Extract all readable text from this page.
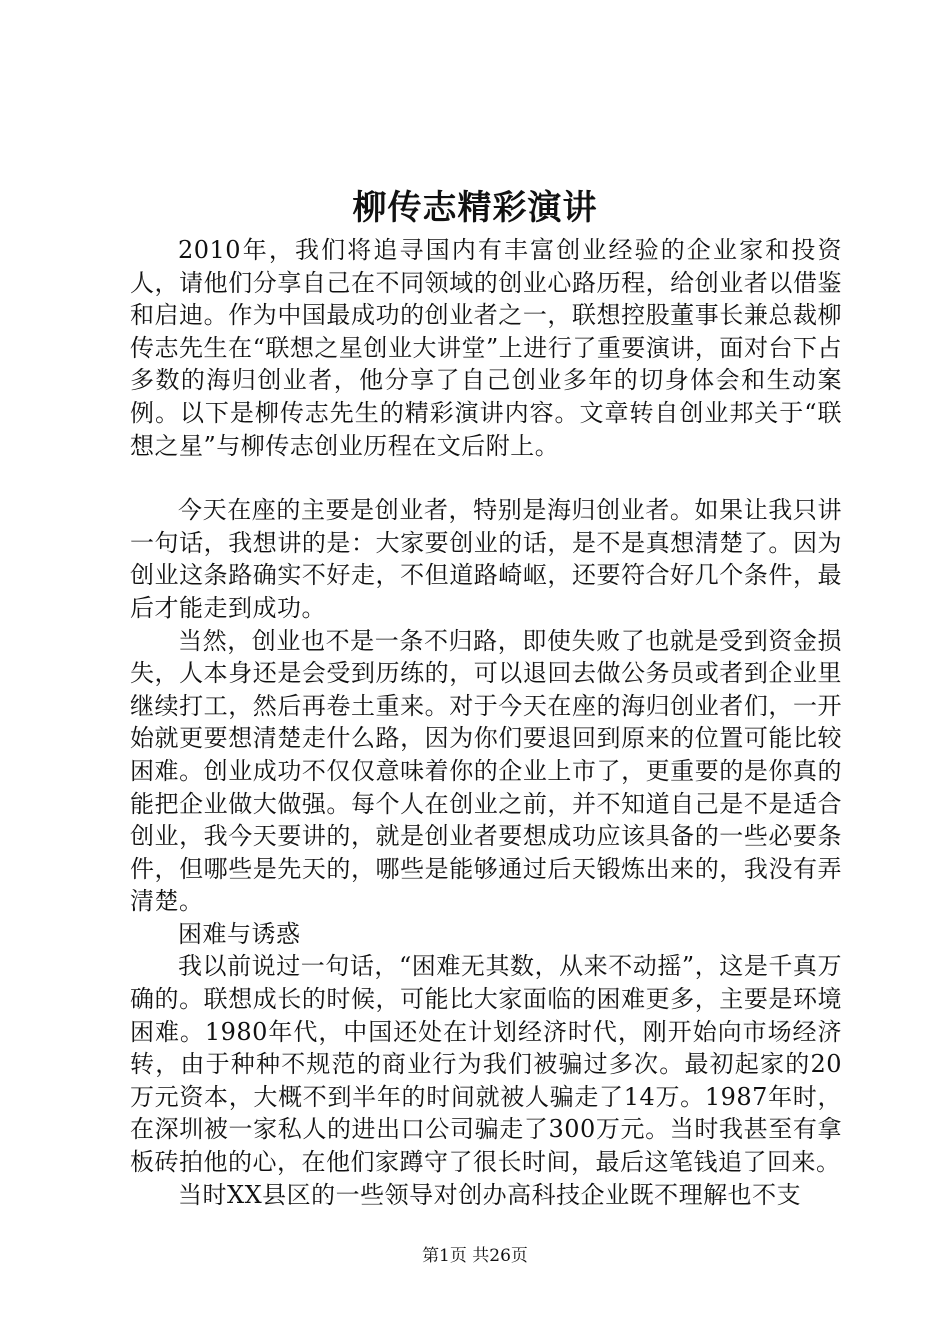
柳传志精彩演讲

2010年，我们将追寻国内有丰富创业经验的企业家和投资人，请他们分享自己在不同领域的创业心路历程，给创业者以借鉴和启迪。作为中国最成功的创业者之一，联想控股董事长兼总裁柳传志先生在“联想之星创业大讲堂”上进行了重要演讲，面对台下占多数的海归创业者，他分享了自己创业多年的切身体会和生动案例。以下是柳传志先生的精彩演讲内容。文章转自创业邦关于“联想之星”与柳传志创业历程在文后附上。

今天在座的主要是创业者，特别是海归创业者。如果让我只讲一句话，我想讲的是：大家要创业的话，是不是真想清楚了。因为创业这条路确实不好走，不但道路崎岖，还要符合好几个条件，最后才能走到成功。

当然，创业也不是一条不归路，即使失败了也就是受到资金损失，人本身还是会受到历练的，可以退回去做公务员或者到企业里继续打工，然后再卷土重来。对于今天在座的海归创业者们，一开始就更要想清楚走什么路，因为你们要退回到原来的位置可能比较困难。创业成功不仅仅意味着你的企业上市了，更重要的是你真的能把企业做大做强。每个人在创业之前，并不知道自己是不是适合创业，我今天要讲的，就是创业者要想成功应该具备的一些必要条件，但哪些是先天的，哪些是能够通过后天锻炼出来的，我没有弄清楚。

困难与诱惑

我以前说过一句话，“困难无其数，从来不动摇”，这是千真万确的。联想成长的时候，可能比大家面临的困难更多，主要是环境困难。1980年代，中国还处在计划经济时代，刚开始向市场经济转，由于种种不规范的商业行为我们被骗过多次。最初起家的20万元资本，大概不到半年的时间就被人骗走了14万。1987年时，在深圳被一家私人的进出口公司骗走了300万元。当时我甚至有拿板砖拍他的心，在他们家蹲守了很长时间，最后这笔钱追了回来。

当时XX县区的一些领导对创办高科技企业既不理解也不支

第1页 共26页
